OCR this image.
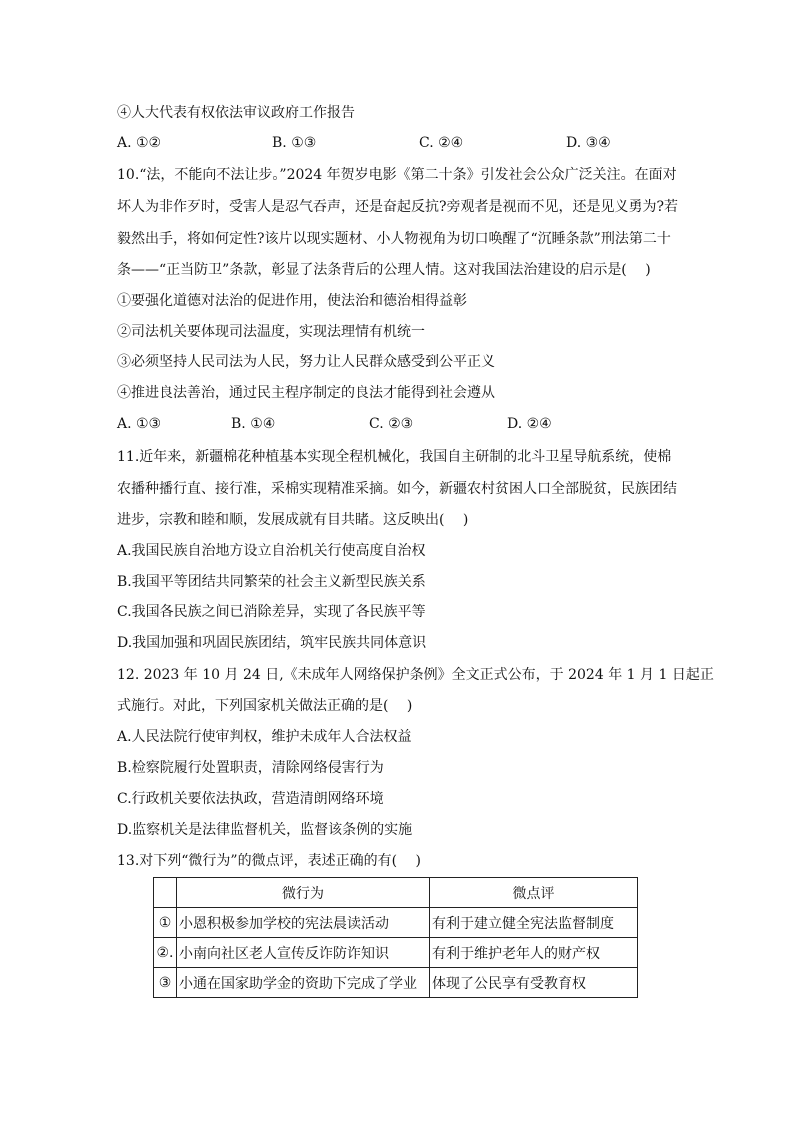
④人大代表有权依法审议政府工作报告
A. ①②	B. ①③	C. ②④	D. ③④
10.“法，不能向不法让步。”2024 年贺岁电影《第二十条》引发社会公众广泛关注。在面对
坏人为非作歹时，受害人是忍气吞声，还是奋起反抗?旁观者是视而不见，还是见义勇为?若
毅然出手，将如何定性?该片以现实题材、小人物视角为切口唤醒了“沉睡条款”刑法第二十
条——“正当防卫”条款，彰显了法条背后的公理人情。这对我国法治建设的启示是(　 )
①要强化道德对法治的促进作用，使法治和德治相得益彰
②司法机关要体现司法温度，实现法理情有机统一
③必须坚持人民司法为人民，努力让人民群众感受到公平正义
④推进良法善治，通过民主程序制定的良法才能得到社会遵从
A. ①③	B. ①④	C. ②③	D. ②④
11.近年来，新疆棉花种植基本实现全程机械化，我国自主研制的北斗卫星导航系统，使棉
农播种播行直、接行准，采棉实现精准采摘。如今，新疆农村贫困人口全部脱贫，民族团结
进步，宗教和睦和顺，发展成就有目共睹。这反映出(　 )
A.我国民族自治地方设立自治机关行使高度自治权
B.我国平等团结共同繁荣的社会主义新型民族关系
C.我国各民族之间已消除差异，实现了各民族平等
D.我国加强和巩固民族团结，筑牢民族共同体意识
12. 2023 年 10 月 24 日,《未成年人网络保护条例》全文正式公布，于 2024 年 1 月 1 日起正
式施行。对此，下列国家机关做法正确的是(　 )
A.人民法院行使审判权，维护未成年人合法权益
B.检察院履行处置职责，清除网络侵害行为
C.行政机关要依法执政，营造清朗网络环境
D.监察机关是法律监督机关，监督该条例的实施
13.对下列“微行为”的微点评，表述正确的有(　 )
	微行为	微点评
①	小恩积极参加学校的宪法晨读活动	有利于建立健全宪法监督制度
②.	小南向社区老人宣传反诈防诈知识	有利于维护老年人的财产权
③	小通在国家助学金的资助下完成了学业	体现了公民享有受教育权
